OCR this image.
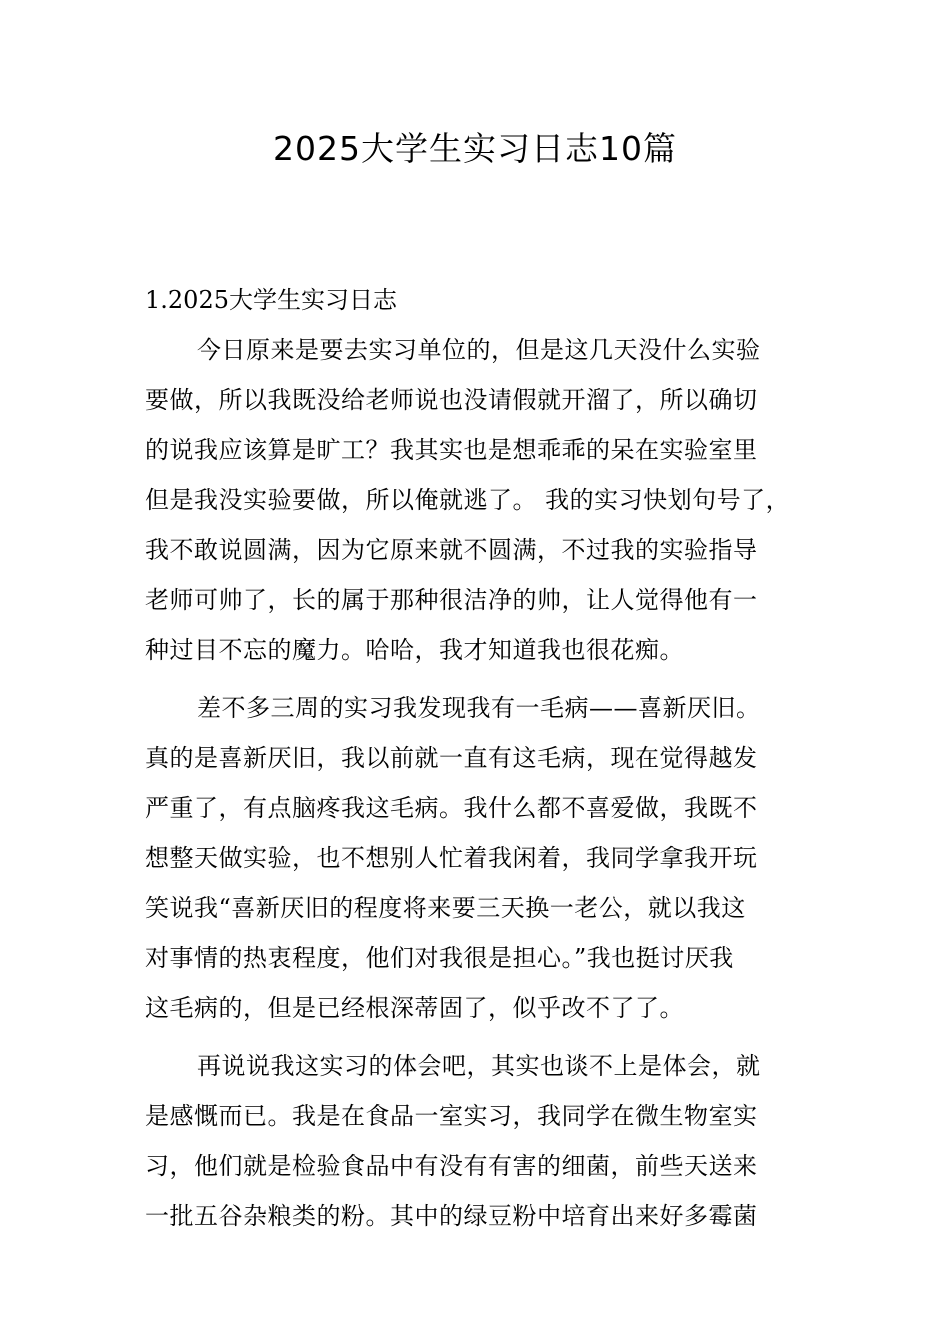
2025大学生实习日志10篇
1.2025大学生实习日志
今日原来是要去实习单位的，但是这几天没什么实验
要做，所以我既没给老师说也没请假就开溜了，所以确切
的说我应该算是旷工？我其实也是想乖乖的呆在实验室里
但是我没实验要做，所以俺就逃了。 我的实习快划句号了，
我不敢说圆满，因为它原来就不圆满，不过我的实验指导
老师可帅了，长的属于那种很洁净的帅，让人觉得他有一
种过目不忘的魔力。哈哈，我才知道我也很花痴。
差不多三周的实习我发现我有一毛病——喜新厌旧。
真的是喜新厌旧，我以前就一直有这毛病，现在觉得越发
严重了，有点脑疼我这毛病。我什么都不喜爱做，我既不
想整天做实验，也不想别人忙着我闲着，我同学拿我开玩
笑说我“喜新厌旧的程度将来要三天换一老公，就以我这
对事情的热衷程度，他们对我很是担心。”我也挺讨厌我
这毛病的，但是已经根深蒂固了，似乎改不了了。
再说说我这实习的体会吧，其实也谈不上是体会，就
是感慨而已。我是在食品一室实习，我同学在微生物室实
习，他们就是检验食品中有没有有害的细菌，前些天送来
一批五谷杂粮类的粉。其中的绿豆粉中培育出来好多霉菌
